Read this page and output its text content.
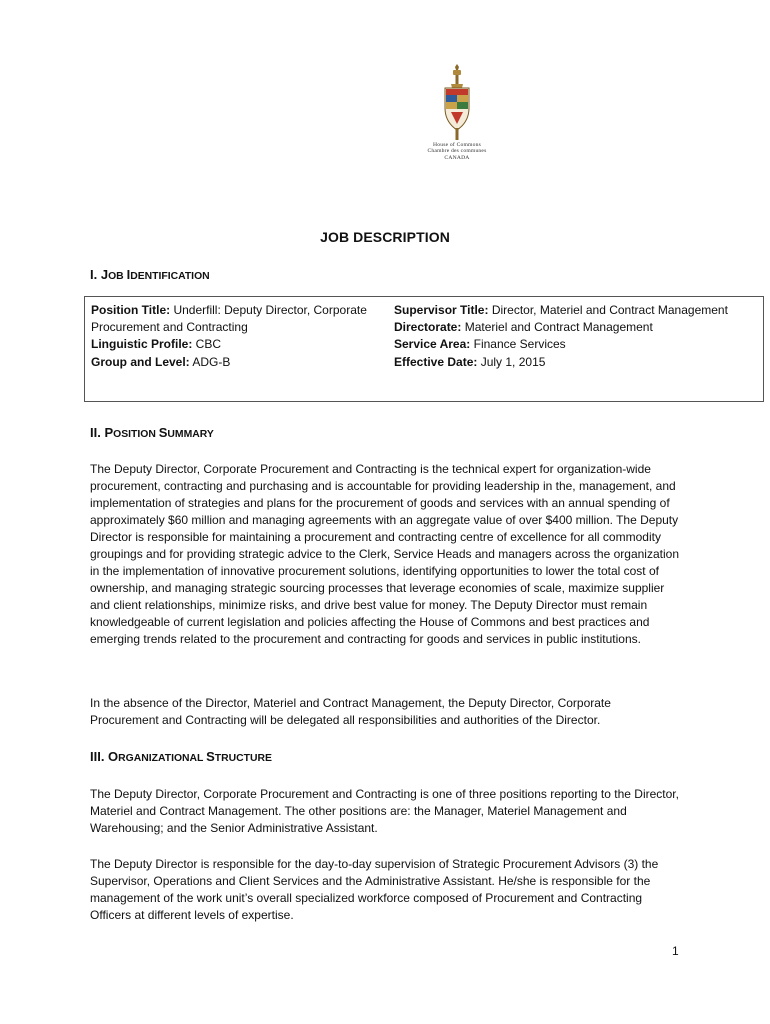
House of Commons
Chambre des communes
CANADA
JOB DESCRIPTION
I. JOB IDENTIFICATION
Position Title: Underfill: Deputy Director, Corporate Procurement and Contracting
Linguistic Profile: CBC
Group and Level: ADG-B
Supervisor Title: Director, Materiel and Contract Management
Directorate: Materiel and Contract Management
Service Area: Finance Services
Effective Date: July 1, 2015
II. POSITION SUMMARY

The Deputy Director, Corporate Procurement and Contracting is the technical expert for organization-wide procurement, contracting and purchasing and is accountable for providing leadership in the, management, and implementation of strategies and plans for the procurement of goods and services with an annual spending of approximately $60 million and managing agreements with an aggregate value of over $400 million. The Deputy Director is responsible for maintaining a procurement and contracting centre of excellence for all commodity groupings and for providing strategic advice to the Clerk, Service Heads and managers across the organization in the implementation of innovative procurement solutions, identifying opportunities to lower the total cost of ownership, and managing strategic sourcing processes that leverage economies of scale, maximize supplier and client relationships, minimize risks, and drive best value for money. The Deputy Director must remain knowledgeable of current legislation and policies affecting the House of Commons and best practices and emerging trends related to the procurement and contracting for goods and services in public institutions.

In the absence of the Director, Materiel and Contract Management, the Deputy Director, Corporate Procurement and Contracting will be delegated all responsibilities and authorities of the Director.

III. ORGANIZATIONAL STRUCTURE

The Deputy Director, Corporate Procurement and Contracting is one of three positions reporting to the Director, Materiel and Contract Management. The other positions are: the Manager, Materiel Management and Warehousing; and the Senior Administrative Assistant.

The Deputy Director is responsible for the day-to-day supervision of Strategic Procurement Advisors (3) the Supervisor, Operations and Client Services and the Administrative Assistant. He/she is responsible for the management of the work unit’s overall specialized workforce composed of Procurement and Contracting Officers at different levels of expertise.

1
